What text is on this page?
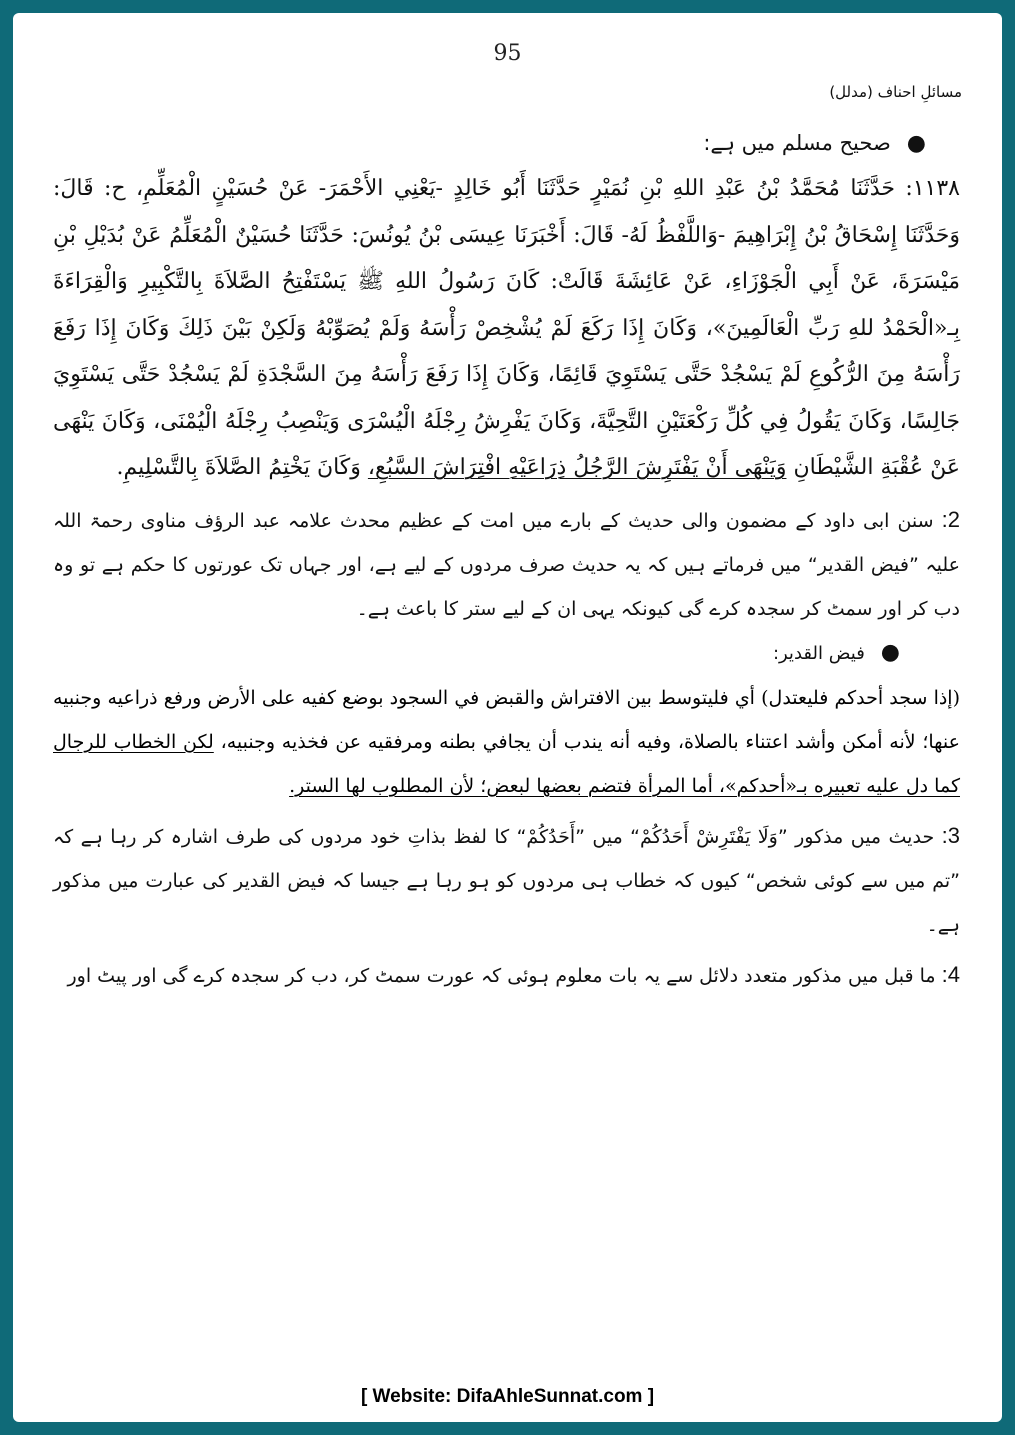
95
مسائلِ احناف (مدلل)

●صحیح مسلم میں ہے:

١١٣٨: حَدَّثَنَا مُحَمَّدُ بْنُ عَبْدِ اللهِ بْنِ نُمَيْرٍ حَدَّثَنَا أَبُو خَالِدٍ -يَعْنِي الأَحْمَرَ- عَنْ حُسَيْنٍ الْمُعَلِّمِ، ح: قَالَ: وَحَدَّثَنَا إِسْحَاقُ بْنُ إِبْرَاهِيمَ -وَاللَّفْظُ لَهُ- قَالَ: أَخْبَرَنَا عِيسَى بْنُ يُونُسَ: حَدَّثَنَا حُسَيْنٌ الْمُعَلِّمُ عَنْ بُدَيْلِ بْنِ مَيْسَرَةَ، عَنْ أَبِي الْجَوْزَاءِ، عَنْ عَائِشَةَ قَالَتْ: كَانَ رَسُولُ اللهِ ﷺ يَسْتَفْتِحُ الصَّلاَةَ بِالتَّكْبِيرِ وَالْقِرَاءَةَ بِـ«الْحَمْدُ للهِ رَبِّ الْعَالَمِينَ»، وَكَانَ إِذَا رَكَعَ لَمْ يُشْخِصْ رَأْسَهُ وَلَمْ يُصَوِّبْهُ وَلَكِنْ بَيْنَ ذَلِكَ وَكَانَ إِذَا رَفَعَ رَأْسَهُ مِنَ الرُّكُوعِ لَمْ يَسْجُدْ حَتَّى يَسْتَوِيَ قَائِمًا، وَكَانَ إِذَا رَفَعَ رَأْسَهُ مِنَ السَّجْدَةِ لَمْ يَسْجُدْ حَتَّى يَسْتَوِيَ جَالِسًا، وَكَانَ يَقُولُ فِي كُلِّ رَكْعَتَيْنِ التَّحِيَّةَ، وَكَانَ يَفْرِشُ رِجْلَهُ الْيُسْرَى وَيَنْصِبُ رِجْلَهُ الْيُمْنَى، وَكَانَ يَنْهَى عَنْ عُقْبَةِ الشَّيْطَانِ وَيَنْهَى أَنْ يَفْتَرِشَ الرَّجُلُ ذِرَاعَيْهِ افْتِرَاشَ السَّبُعِ، وَكَانَ يَخْتِمُ الصَّلاَةَ بِالتَّسْلِيمِ.

2: سنن ابی داود کے مضمون والی حدیث کے بارے میں امت کے عظیم محدث علامہ عبد الرؤف مناوی رحمۃ اللہ علیہ ”فیض القدیر“ میں فرماتے ہیں کہ یہ حدیث صرف مردوں کے لیے ہے، اور جہاں تک عورتوں کا حکم ہے تو وہ دب کر اور سمٹ کر سجدہ کرے گی کیونکہ یہی ان کے لیے ستر کا باعث ہے۔

●فيض القدير:

(إذا سجد أحدكم فليعتدل) أي فليتوسط بين الافتراش والقبض في السجود بوضع كفيه على الأرض ورفع ذراعيه وجنبيه عنها؛ لأنه أمكن وأشد اعتناء بالصلاة، وفيه أنه يندب أن يجافي بطنه ومرفقيه عن فخذيه وجنبيه، لكن الخطاب للرجال كما دل عليه تعبيره بـ«أحدكم»، أما المرأة فتضم بعضها لبعض؛ لأن المطلوب لها الستر.

3: حدیث میں مذکور ”وَلَا يَفْتَرِشْ أَحَدُكُمْ“ میں ”أَحَدُكُمْ“ کا لفظ بذاتِ خود مردوں کی طرف اشارہ کر رہا ہے کہ ”تم میں سے کوئی شخص“ کیوں کہ خطاب ہی مردوں کو ہو رہا ہے جیسا کہ فیض القدیر کی عبارت میں مذکور ہے۔

4: ما قبل میں مذکور متعدد دلائل سے یہ بات معلوم ہوئی کہ عورت سمٹ کر، دب کر سجدہ کرے گی اور پیٹ اور

[ Website: DifaAhleSunnat.com ]
